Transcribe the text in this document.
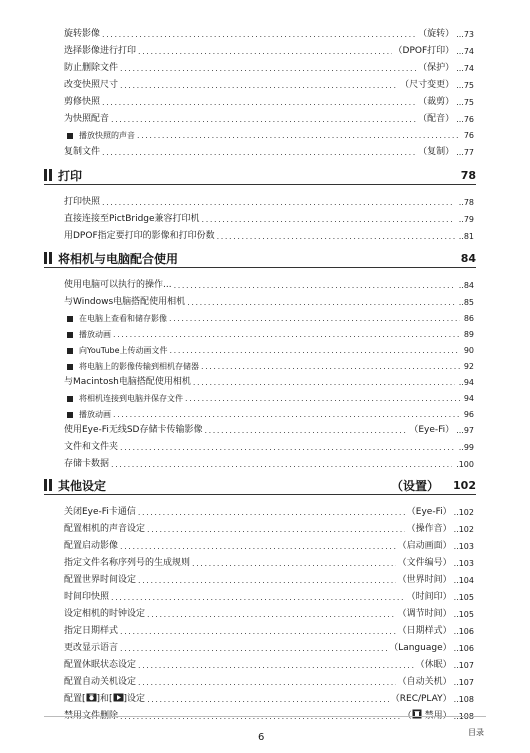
旋转影像 .....	（旋转） ...73
选择影像进行打印 .....	（DPOF打印） ...74
防止删除文件 .....	（保护） ...74
改变快照尺寸 .....	（尺寸变更） ...75
剪修快照 .....	（裁剪） ...75
为快照配音 .....	（配音） ...76
播放快照的声音 .....	76
复制文件 .....	（复制） ...77
打印	78
打印快照 .....	..78
直接连接至PictBridge兼容打印机 .....	..79
用DPOF指定要打印的影像和打印份数 .....	..81
将相机与电脑配合使用	84
使用电脑可以执行的操作... .....	..84
与Windows电脑搭配使用相机 .....	..85
在电脑上查看和储存影像 .....	86
播放动画 .....	89
向YouTube上传动画文件 .....	90
将电脑上的影像传输到相机存储器 .....	92
与Macintosh电脑搭配使用相机 .....	..94
将相机连接到电脑并保存文件 .....	94
播放动画 .....	96
使用Eye-Fi无线SD存储卡传输影像 .....	（Eye-Fi） ...97
文件和文件夹 .....	..99
存储卡数据 .....	.100
其他设定	（设置） 102
关闭Eye-Fi卡通信 .....	（Eye-Fi） ..102
配置相机的声音设定 .....	（操作音） ..102
配置启动影像 .....	（启动画面） ..103
指定文件名称序列号的生成规则 .....	（文件编号） ..103
配置世界时间设定 .....	（世界时间） ..104
时间印快照 .....	（时间印） ..105
设定相机的时钟设定 .....	（调节时间） ..105
指定日期样式 .....	（日期样式） ..106
更改显示语言 .....	（Language） ..106
配置休眠状态设定 .....	（休眠） ..107
配置自动关机设定 .....	（自动关机） ..107
配置[ ]和[ ]设定 .....	（REC/PLAY） ..108
禁用文件删除 .....	（ 禁用） ..108
6	目录
